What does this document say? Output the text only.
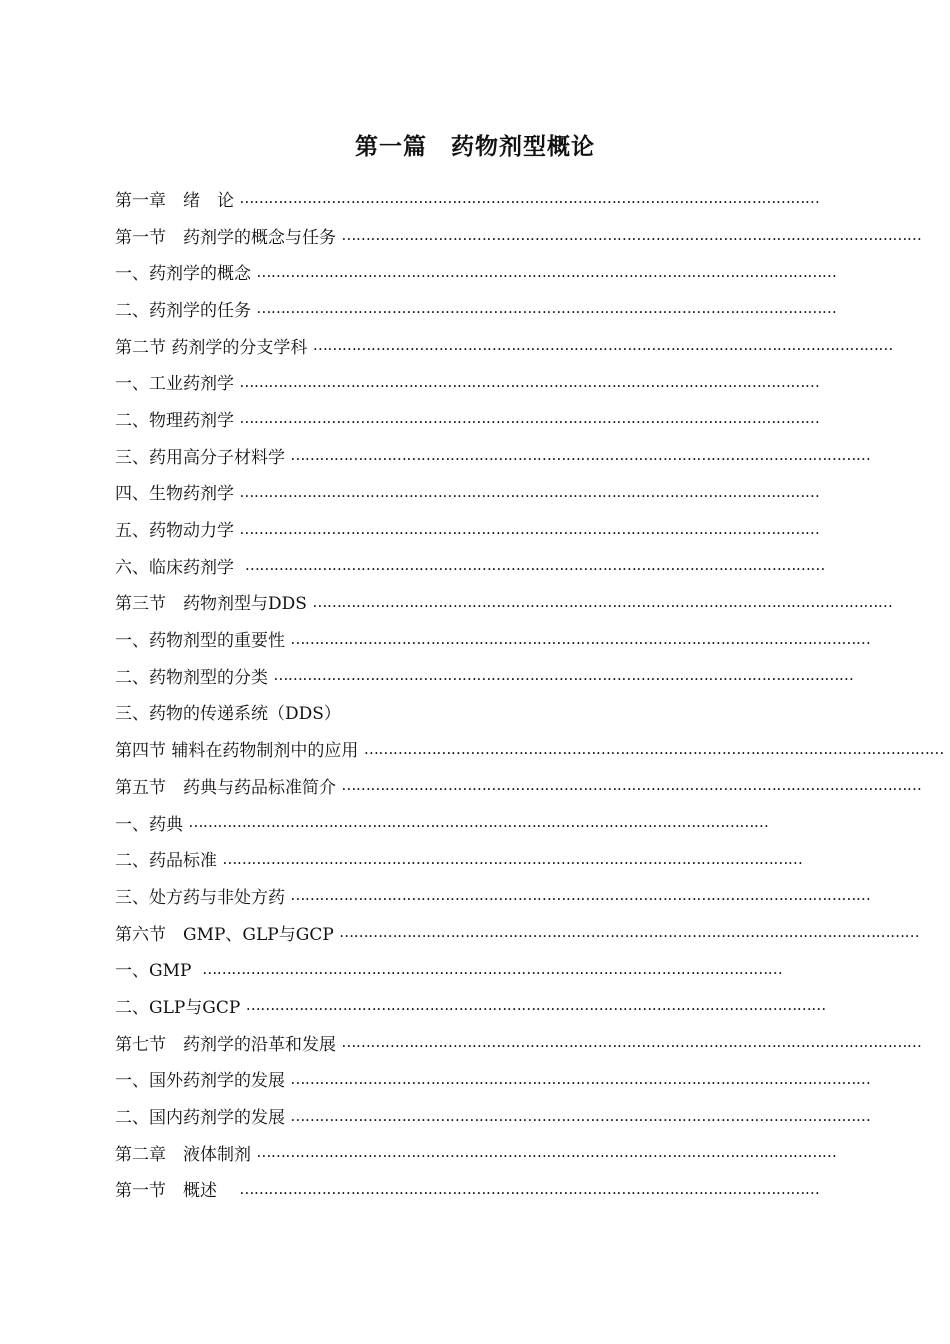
第一篇　药物剂型概论
第一章　绪　论 …………………………………………………………………………………………………………
第一节　药剂学的概念与任务 …………………………………………………………………………………………………………
一、药剂学的概念 …………………………………………………………………………………………………………
二、药剂学的任务 …………………………………………………………………………………………………………
第二节 药剂学的分支学科 …………………………………………………………………………………………………………
一、工业药剂学 …………………………………………………………………………………………………………
二、物理药剂学 …………………………………………………………………………………………………………
三、药用高分子材料学 …………………………………………………………………………………………………………
四、生物药剂学 …………………………………………………………………………………………………………
五、药物动力学 …………………………………………………………………………………………………………
六、临床药剂学 …………………………………………………………………………………………………………
第三节　药物剂型与DDS …………………………………………………………………………………………………………
一、药物剂型的重要性 …………………………………………………………………………………………………………
二、药物剂型的分类 …………………………………………………………………………………………………………
三、药物的传递系统（DDS）
第四节 辅料在药物制剂中的应用 …………………………………………………………………………………………………………
第五节　药典与药品标准简介 …………………………………………………………………………………………………………
一、药典 …………………………………………………………………………………………………………
二、药品标准 …………………………………………………………………………………………………………
三、处方药与非处方药 …………………………………………………………………………………………………………
第六节　GMP、GLP与GCP …………………………………………………………………………………………………………
一、GMP …………………………………………………………………………………………………………
二、GLP与GCP …………………………………………………………………………………………………………
第七节　药剂学的沿革和发展 …………………………………………………………………………………………………………
一、国外药剂学的发展 …………………………………………………………………………………………………………
二、国内药剂学的发展 …………………………………………………………………………………………………………
第二章　液体制剂 …………………………………………………………………………………………………………
第一节　概述　 …………………………………………………………………………………………………………
